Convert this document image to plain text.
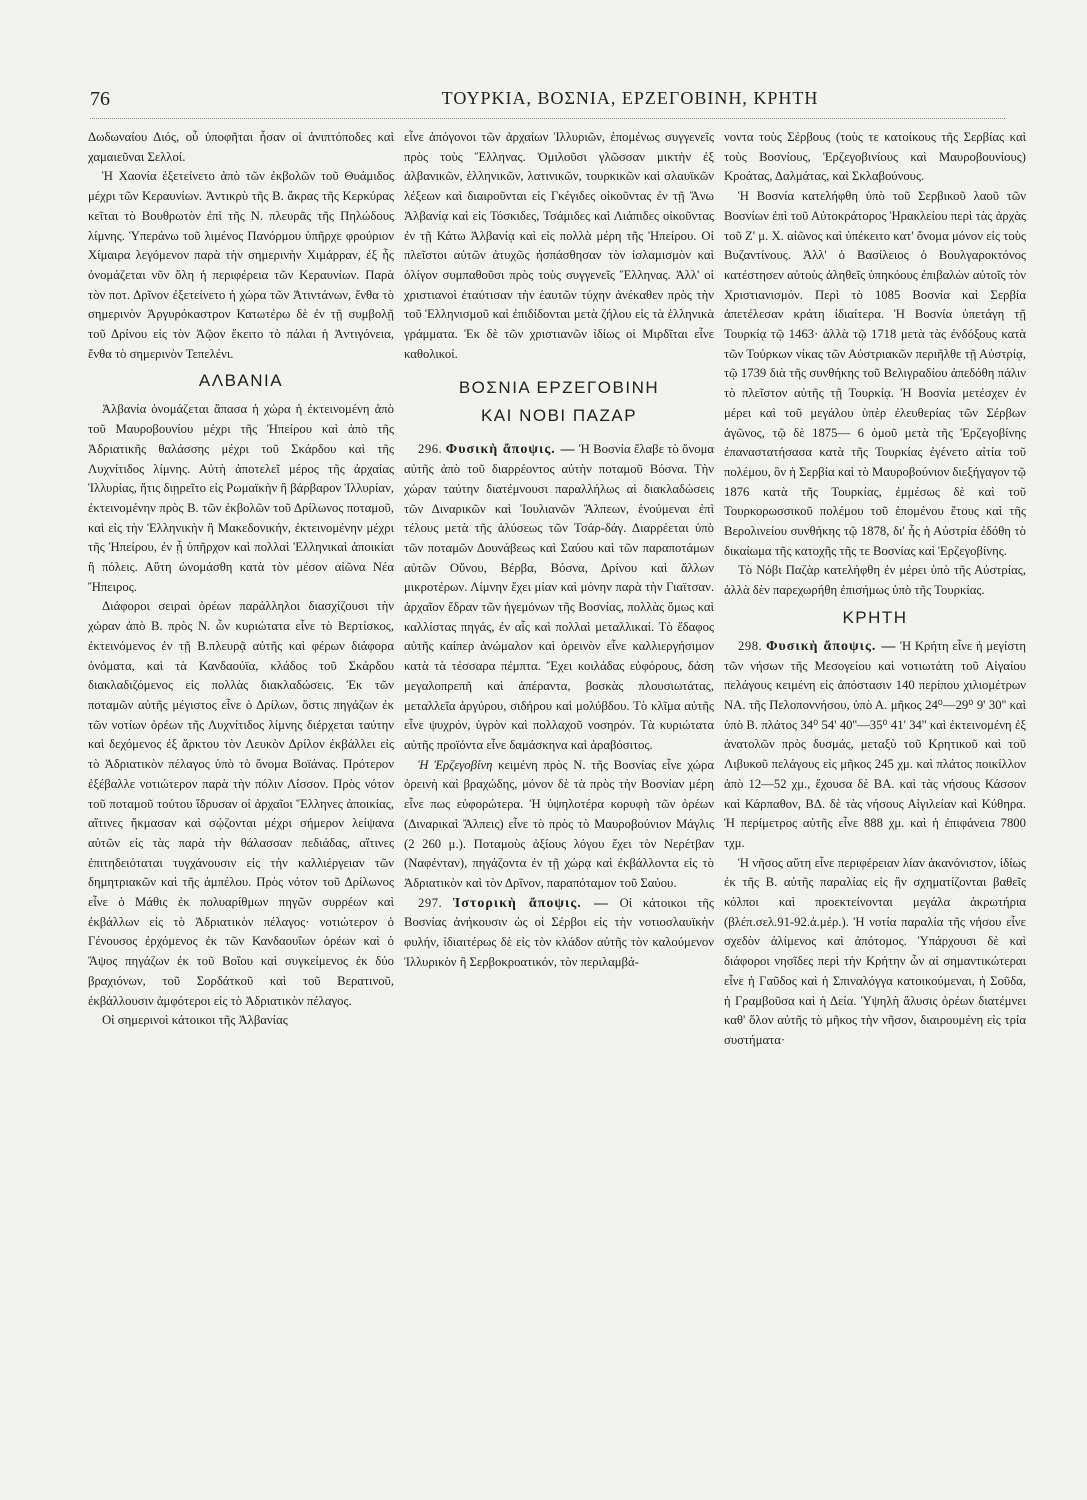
76	ΤΟΥΡΚΙΑ, ΒΟΣΝΙΑ, ΕΡΖΕΓΟΒΙΝΗ, ΚΡΗΤΗ

Δωδωναίου Διός, οὗ ὑποφῆται ἦσαν οἱ ἀνιπτόποδες καὶ χαμαιεῦναι Σελλοί.

Ἡ Χαονία ἐξετείνετο ἀπὸ τῶν ἐκβολῶν τοῦ Θυάμιδος μέχρι τῶν Κεραυνίων. Ἀντικρὺ τῆς Β. ἄκρας τῆς Κερκύρας κεῖται τὸ Βουθρωτὸν ἐπὶ τῆς Ν. πλευρᾶς τῆς Πηλώδους λίμνης. Ὑπεράνω τοῦ λιμένος Πανόρμου ὑπῆρχε φρούριον Χίμαιρα λεγόμενον παρὰ τὴν σημερινὴν Χιμάρραν, ἐξ ἧς ὀνομάζεται νῦν ὅλη ἡ περιφέρεια τῶν Κεραυνίων. Παρὰ τὸν ποτ. Δρῖνον ἐξετείνετο ἡ χώρα τῶν Ἀτιντάνων, ἔνθα τὸ σημερινὸν Ἀργυρόκαστρον Κατωτέρω δὲ ἐν τῇ συμβολῇ τοῦ Δρίνου εἰς τὸν Ἀῷον ἔκειτο τὸ πάλαι ἡ Ἀντιγόνεια, ἔνθα τὸ σημερινὸν Τεπελένι.

ΑΛΒΑΝΙΑ

Ἀλβανία ὀνομάζεται ἅπασα ἡ χώρα ἡ ἐκτεινομένη ἀπὸ τοῦ Μαυροβουνίου μέχρι τῆς Ἠπείρου καὶ ἀπὸ τῆς Ἀδριατικῆς θαλάσσης μέχρι τοῦ Σκάρδου καὶ τῆς Λυχνίτιδος λίμνης. Αὐτὴ ἀποτελεῖ μέρος τῆς ἀρχαίας Ἰλλυρίας, ἥτις διῃρεῖτο εἰς Ρωμαϊκὴν ἢ βάρβαρον Ἰλλυρίαν, ἐκτεινομένην πρὸς Β. τῶν ἐκβολῶν τοῦ Δρίλωνος ποταμοῦ, καὶ εἰς τὴν Ἑλληνικὴν ἢ Μακεδονικήν, ἐκτεινομένην μέχρι τῆς Ἠπείρου, ἐν ᾗ ὑπῆρχον καὶ πολλαὶ Ἑλληνικαὶ ἀποικίαι ἢ πόλεις. Αὕτη ὠνομάσθη κατὰ τὸν μέσον αἰῶνα Νέα Ἤπειρος.

Διάφοροι σειραὶ ὀρέων παράλληλοι διασχίζουσι τὴν χώραν ἀπὸ Β. πρὸς Ν. ὧν κυριώτατα εἶνε τὸ Βερτίσκος, ἐκτεινόμενος ἐν τῇ Β.πλευρᾷ αὐτῆς καὶ φέρων διάφορα ὀνόματα, καὶ τὰ Κανδαούϊα, κλάδος τοῦ Σκάρδου διακλαδιζόμενος εἰς πολλὰς διακλαδώσεις. Ἐκ τῶν ποταμῶν αὐτῆς μέγιστος εἶνε ὁ Δρίλων, ὅστις πηγάζων ἐκ τῶν νοτίων ὀρέων τῆς Λυχνίτιδος λίμνης διέρχεται ταύτην καὶ δεχόμενος ἐξ ἄρκτου τὸν Λευκὸν Δρίλον ἐκβάλλει εἰς τὸ Ἀδριατικὸν πέλαγος ὑπὸ τὸ ὄνομα Βοϊάνας. Πρότερον ἐξέβαλλε νοτιώτερον παρὰ τὴν πόλιν Λίσσον. Πρὸς νότον τοῦ ποταμοῦ τούτου ἵδρυσαν οἱ ἀρχαῖοι Ἕλληνες ἀποικίας, αἵτινες ἤκμασαν καὶ σῴζονται μέχρι σήμερον λείψανα αὐτῶν εἰς τὰς παρὰ τὴν θάλασσαν πεδιάδας, αἵτινες ἐπιτηδειόταται τυγχάνουσιν εἰς τὴν καλλιέργειαν τῶν δημητριακῶν καὶ τῆς ἀμπέλου. Πρὸς νότον τοῦ Δρίλωνος εἶνε ὁ Μάθις ἐκ πολυαρίθμων πηγῶν συρρέων καὶ ἐκβάλλων εἰς τὸ Ἀδριατικὸν πέλαγος· νοτιώτερον ὁ Γένουσος ἐρχόμενος ἐκ τῶν Κανδαουΐων ὀρέων καὶ ὁ Ἄψος πηγάζων ἐκ τοῦ Βοΐου καὶ συγκείμενος ἐκ δύο βραχιόνων, τοῦ Σορδάτκοῦ καὶ τοῦ Βερατινοῦ, ἐκβάλλουσιν ἀμφότεροι εἰς τὸ Ἀδριατικὸν πέλαγος.

Οἱ σημερινοὶ κάτοικοι τῆς Ἀλβανίας

εἶνε ἀπόγονοι τῶν ἀρχαίων Ἰλλυριῶν, ἑπομένως συγγενεῖς πρὸς τοὺς Ἕλληνας. Ὁμιλοῦσι γλῶσσαν μικτὴν ἐξ ἀλβανικῶν, ἑλληνικῶν, λατινικῶν, τουρκικῶν καὶ σλαυϊκῶν λέξεων καὶ διαιροῦνται εἰς Γκέγιδες οἰκοῦντας ἐν τῇ Ἄνω Ἀλβανίᾳ καὶ εἰς Τόσκιδες, Τσάμιδες καὶ Λιάπιδες οἰκοῦντας ἐν τῇ Κάτω Ἀλβανίᾳ καὶ εἰς πολλὰ μέρη τῆς Ἠπείρου. Οἱ πλεῖστοι αὐτῶν ἀτυχῶς ἠσπάσθησαν τὸν ἰσλαμισμὸν καὶ ὀλίγον συμπαθοῦσι πρὸς τοὺς συγγενεῖς Ἕλληνας. Ἀλλ' οἱ χριστιανοὶ ἐταύτισαν τὴν ἑαυτῶν τύχην ἀνέκαθεν πρὸς τὴν τοῦ Ἑλληνισμοῦ καὶ ἐπιδίδονται μετὰ ζήλου εἰς τὰ ἑλληνικὰ γράμματα. Ἐκ δὲ τῶν χριστιανῶν ἰδίως οἱ Μιρδῖται εἶνε καθολικοί.

ΒΟΣΝΙΑ ΕΡΖΕΓΟΒΙΝΗ
ΚΑΙ ΝΟΒΙ ΠΑΖΑΡ

296. Φυσικὴ ἄποψις. — Ἡ Βοσνία ἔλαβε τὸ ὄνομα αὐτῆς ἀπὸ τοῦ διαρρέοντος αὐτὴν ποταμοῦ Βόσνα. Τὴν χώραν ταύτην διατέμνουσι παραλλήλως αἱ διακλαδώσεις τῶν Διναρικῶν καὶ Ἰουλιανῶν Ἄλπεων, ἑνούμεναι ἐπὶ τέλους μετὰ τῆς ἁλύσεως τῶν Τσάρ-δάγ. Διαρρέεται ὑπὸ τῶν ποταμῶν Δουνάβεως καὶ Σαύου καὶ τῶν παραποτάμων αὐτῶν Οὔνου, Βέρβα, Βόσνα, Δρίνου καὶ ἄλλων μικροτέρων. Λίμνην ἔχει μίαν καὶ μόνην παρὰ τὴν Γιαϊτσαν. ἀρχαῖον ἕδραν τῶν ἡγεμόνων τῆς Βοσνίας, πολλὰς ὅμως καὶ καλλίστας πηγάς, ἐν αἷς καὶ πολλαὶ μεταλλικαί. Τὸ ἔδαφος αὐτῆς καίπερ ἀνώμαλον καὶ ὀρεινὸν εἶνε καλλιεργήσιμον κατὰ τὰ τέσσαρα πέμπτα. Ἔχει κοιλάδας εὐφόρους, δάση μεγαλοπρεπῆ καὶ ἀπέραντα, βοσκὰς πλουσιωτάτας, μεταλλεῖα ἀργύρου, σιδήρου καὶ μολύβδου. Τὸ κλῖμα αὐτῆς εἶνε ψυχρόν, ὑγρὸν καὶ πολλαχοῦ νοσηρόν. Τὰ κυριώτατα αὐτῆς προϊόντα εἶνε δαμάσκηνα καὶ ἀραβόσιτος.

Ἡ Ἐρζεγοβίνη κειμένη πρὸς Ν. τῆς Βοσνίας εἶνε χώρα ὀρεινὴ καὶ βραχώδης, μόνον δὲ τὰ πρὸς τὴν Βοσνίαν μέρη εἶνε πως εὐφορώτερα. Ἡ ὑψηλοτέρα κορυφὴ τῶν ὀρέων (Διναρικαὶ Ἄλπεις) εἶνε τὸ πρὸς τὸ Μαυροβούνιον Μάγλις (2 260 μ.). Ποταμοὺς ἀξίους λόγου ἔχει τὸν Νερέτβαν (Ναφένταν), πηγάζοντα ἐν τῇ χώρᾳ καὶ ἐκβάλλοντα εἰς τὸ Ἀδριατικὸν καὶ τὸν Δρῖνον, παραπόταμον τοῦ Σαύου.

297. Ἱστορικὴ ἄποψις. — Οἱ κάτοικοι τῆς Βοσνίας ἀνήκουσιν ὡς οἱ Σέρβοι εἰς τὴν νοτιοσλαυϊκὴν φυλήν, ἰδιαιτέρως δὲ εἰς τὸν κλάδον αὐτῆς τὸν καλούμενον Ἰλλυρικὸν ἢ Σερβοκροατικόν, τὸν περιλαμβά-

νοντα τοὺς Σέρβους (τοὺς τε κατοίκους τῆς Σερβίας καὶ τοὺς Βοσνίους, Ἐρζεγοβινίους καὶ Μαυροβουνίους) Κροάτας, Δαλμάτας, καὶ Σκλαβούνους.

Ἡ Βοσνία κατελήφθη ὑπὸ τοῦ Σερβικοῦ λαοῦ τῶν Βοσνίων ἐπὶ τοῦ Αὐτοκράτορος Ἡρακλείου περὶ τὰς ἀρχὰς τοῦ Ζ' μ. Χ. αἰῶνος καὶ ὑπέκειτο κατ' ὄνομα μόνον εἰς τοὺς Βυζαντίνους. Ἀλλ' ὁ Βασίλειος ὁ Βουλγαροκτόνος κατέστησεν αὐτοὺς ἀληθεῖς ὑπηκόους ἐπιβαλὼν αὐτοῖς τὸν Χριστιανισμόν. Περὶ τὸ 1085 Βοσνία καὶ Σερβία ἀπετέλεσαν κράτη ἰδιαίτερα. Ἡ Βοσνία ὑπετάγη τῇ Τουρκίᾳ τῷ 1463· ἀλλὰ τῷ 1718 μετὰ τὰς ἐνδόξους κατὰ τῶν Τούρκων νίκας τῶν Αὐστριακῶν περιῆλθε τῇ Αὐστρίᾳ, τῷ 1739 διὰ τῆς συνθήκης τοῦ Βελιγραδίου ἀπεδόθη πάλιν τὸ πλεῖστον αὐτῆς τῇ Τουρκίᾳ. Ἡ Βοσνία μετέσχεν ἐν μέρει καὶ τοῦ μεγάλου ὑπὲρ ἐλευθερίας τῶν Σέρβων ἀγῶνος, τῷ δὲ 1875— 6 ὁμοῦ μετὰ τῆς Ἐρζεγοβίνης ἐπαναστατήσασα κατὰ τῆς Τουρκίας ἐγένετο αἰτία τοῦ πολέμου, ὃν ἡ Σερβία καὶ τὸ Μαυροβούνιον διεξήγαγον τῷ 1876 κατὰ τῆς Τουρκίας, ἐμμέσως δὲ καὶ τοῦ Τουρκορωσσικοῦ πολέμου τοῦ ἑπομένου ἔτους καὶ τῆς Βερολινείου συνθήκης τῷ 1878, δι' ἧς ἡ Αὐστρία ἐδόθη τὸ δικαίωμα τῆς κατοχῆς τῆς τε Βοσνίας καὶ Ἐρζεγοβίνης.

Τὸ Νόβι Παζὰρ κατελήφθη ἐν μέρει ὑπὸ τῆς Αὐστρίας, ἀλλὰ δὲν παρεχωρήθη ἐπισήμως ὑπὸ τῆς Τουρκίας.

ΚΡΗΤΗ

298. Φυσικὴ ἄποψις. — Ἡ Κρήτη εἶνε ἡ μεγίστη τῶν νήσων τῆς Μεσογείου καὶ νοτιωτάτη τοῦ Αἰγαίου πελάγους κειμένη εἰς ἀπόστασιν 140 περίπου χιλιομέτρων ΝΑ. τῆς Πελοποννήσου, ὑπὸ Α. μῆκος 24⁰—29⁰ 9' 30'' καὶ ὑπὸ Β. πλάτος 34⁰ 54' 40''—35⁰ 41' 34'' καὶ ἐκτεινομένη ἐξ ἀνατολῶν πρὸς δυσμάς, μεταξὺ τοῦ Κρητικοῦ καὶ τοῦ Λιβυκοῦ πελάγους εἰς μῆκος 245 χμ. καὶ πλάτος ποικίλλον ἀπὸ 12—52 χμ., ἔχουσα δὲ ΒΑ. καὶ τὰς νήσους Κάσσον καὶ Κάρπαθον, ΒΔ. δὲ τὰς νήσους Αἰγιλείαν καὶ Κύθηρα. Ἡ περίμετρος αὐτῆς εἶνε 888 χμ. καὶ ἡ ἐπιφάνεια 7800 τχμ.

Ἡ νῆσος αὕτη εἶνε περιφέρειαν λίαν ἀκανόνιστον, ἰδίως ἐκ τῆς Β. αὐτῆς παραλίας εἰς ἣν σχηματίζονται βαθεῖς κόλποι καὶ προεκτείνονται μεγάλα ἀκρωτήρια (βλέπ.σελ.91-92.ἀ.μέρ.). Ἡ νοτία παραλία τῆς νήσου εἶνε σχεδὸν ἀλίμενος καὶ ἀπότομος. Ὑπάρχουσι δὲ καὶ διάφοροι νησῖδες περὶ τὴν Κρήτην ὧν αἱ σημαντικώτεραι εἶνε ἡ Γαῦδος καὶ ἡ Σπιναλόγγα κατοικούμεναι, ἡ Σοῦδα, ἡ Γραμβοῦσα καὶ ἡ Δεία. Ὑψηλὴ ἅλυσις ὀρέων διατέμνει καθ' ὅλον αὐτῆς τὸ μῆκος τὴν νῆσον, διαιρουμένη εἰς τρία συστήματα·
